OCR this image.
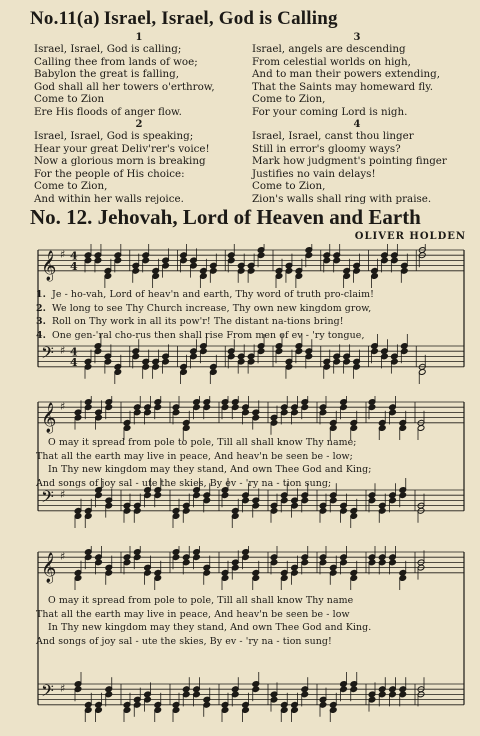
No.11(a) Israel, Israel, God is Calling
1
Israel, Israel, God is calling;
Calling thee from lands of woe;
Babylon the great is falling,
God shall all her towers o'erthrow,
Come to Zion
Ere His floods of anger flow.
2
Israel, Israel, God is speaking;
Hear your great Deliv'rer's voice!
Now a glorious morn is breaking
For the people of His choice:
Come to Zion,
And within her walls rejoice.
3
Israel, angels are descending
From celestial worlds on high,
And to man their powers extending,
That the Saints may homeward fly.
Come to Zion,
For your coming Lord is nigh.
4
Israel, Israel, canst thou linger
Still in error's gloomy ways?
Mark how judgment's pointing finger
Justifies no vain delays!
Come to Zion,
Zion's walls shall ring with praise.
No. 12. Jehovah, Lord of Heaven and Earth
OLIVER HOLDEN
𝄞 ♯ 4
4
𝄢 ♯ 4
4
1. Je - ho-vah, Lord of heav'n and earth, Thy word of truth pro-claim!
2. We long to see Thy Church increase, Thy own new kingdom grow,
3. Roll on Thy work in all its pow'r! The distant na-tions bring!
4. One gen-'ral cho-rus then shall rise From men of ev - 'ry tongue,
𝄞 ♯
𝄢 ♯
O may it spread from pole to pole, Till all shall know Thy name;
That all the earth may live in peace, And heav'n be seen be - low;
In Thy new kingdom may they stand, And own Thee God and King;
And songs of joy sal - ute the skies, By ev - 'ry na - tion sung;
𝄞 ♯
𝄢 ♯
O may it spread from pole to pole, Till all shall know Thy name
That all the earth may live in peace, And heav'n be seen be - low
In Thy new kingdom may they stand, And own Thee God and King.
And songs of joy sal - ute the skies, By ev - 'ry na - tion sung!
